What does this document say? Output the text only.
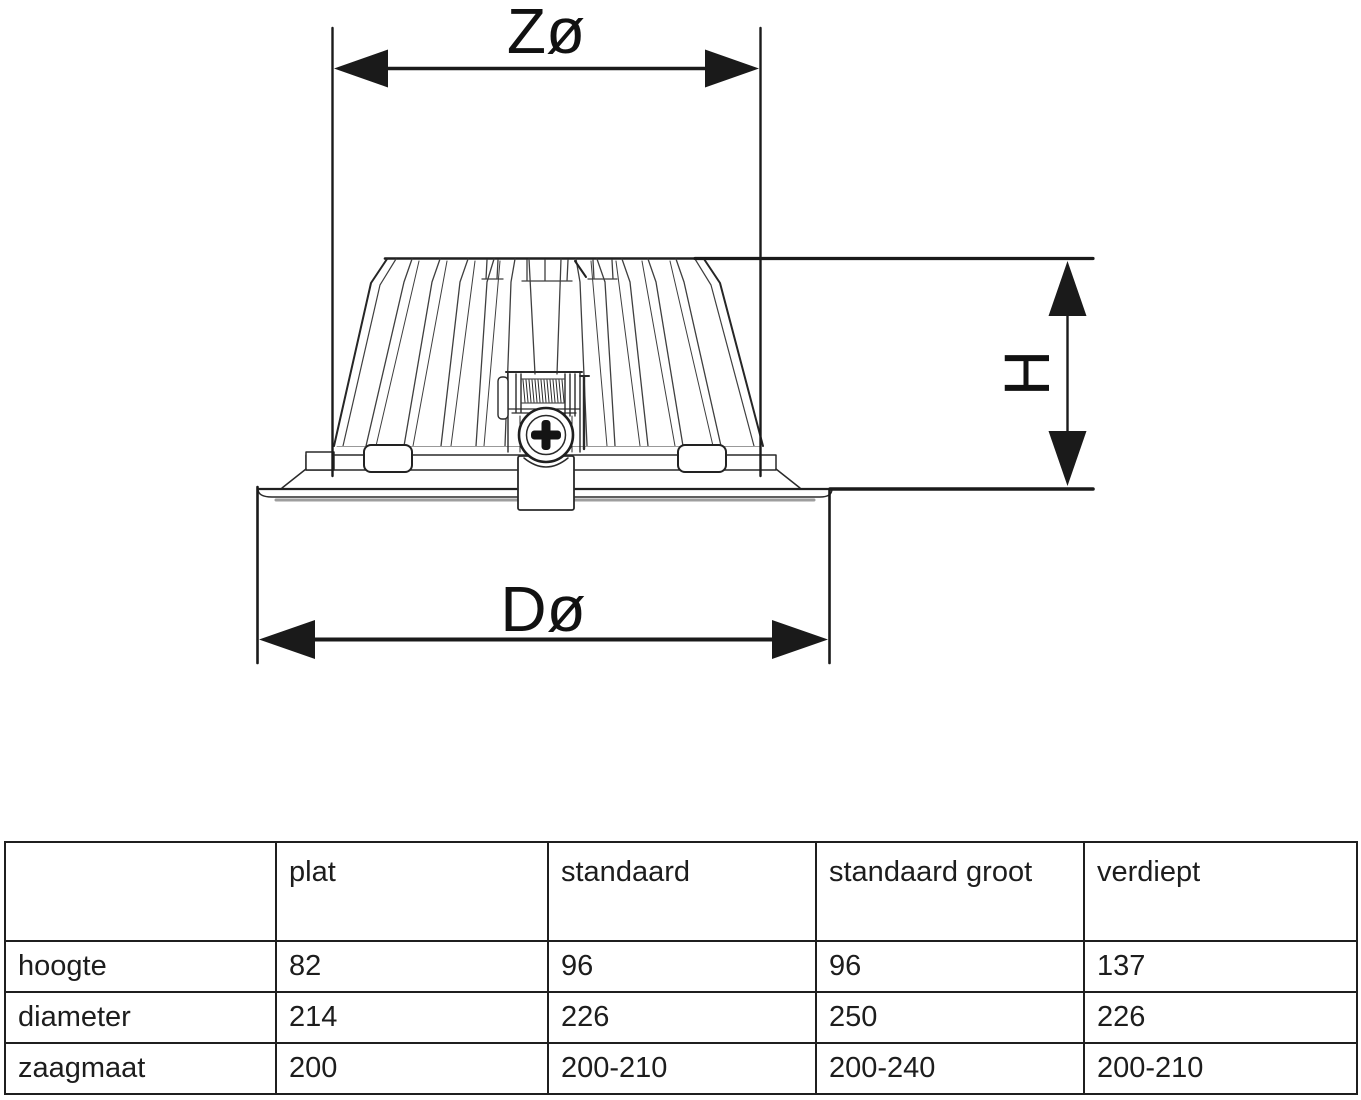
Zø
H
Dø
	plat	standaard	standaard groot	verdiept
hoogte	82	96	96	137
diameter	214	226	250	226
zaagmaat	200	200-210	200-240	200-210
